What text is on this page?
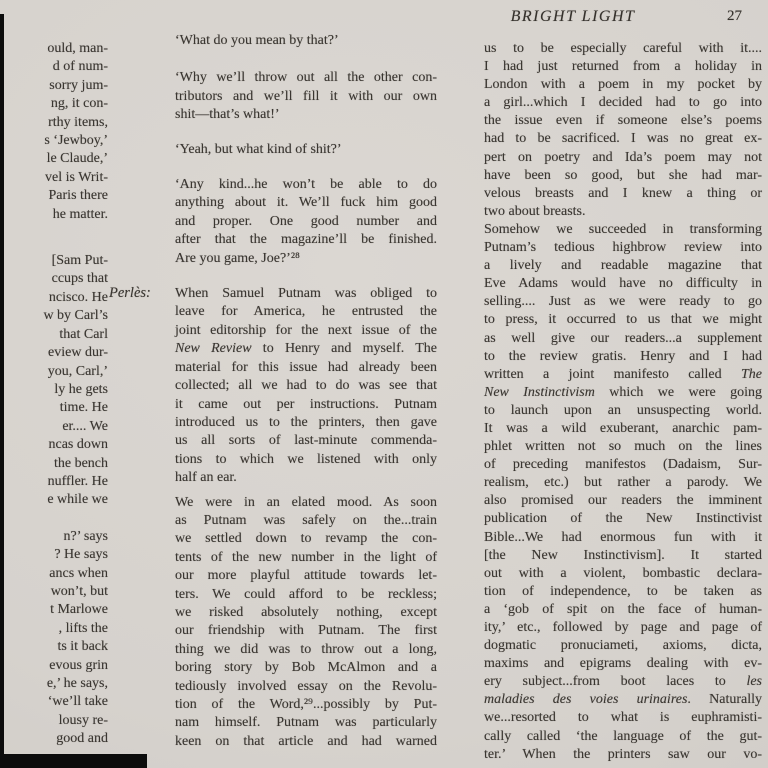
BRIGHT LIGHT	27
ould, man-
d of num-
sorry jum-
ng, it con-
rthy items,
s ‘Jewboy,’
le Claude,’
vel is Writ-
Paris there
he matter.
[Sam Put-
ccups that
ncisco. He
w by Carl’s
that Carl
eview dur-
you, Carl,’
ly he gets
time. He
er.... We
ncas down
the bench
nuffler. He
e while we
n?’ says
? He says
ancs when
won’t, but
t Marlowe
, lifts the
ts it back
evous grin
e,’ he says,
‘we’ll take
lousy re-
good and
Perlès:
‘What do you mean by that?’
‘Why we’ll throw out all the other con-
tributors and we’ll fill it with our own
shit—that’s what!’
‘Yeah, but what kind of shit?’
‘Any kind...he won’t be able to do
anything about it. We’ll fuck him good
and proper. One good number and
after that the magazine’ll be finished.
Are you game, Joe?’²⁸
When Samuel Putnam was obliged to
leave for America, he entrusted the
joint editorship for the next issue of the
New Review to Henry and myself. The
material for this issue had already been
collected; all we had to do was see that
it came out per instructions. Putnam
introduced us to the printers, then gave
us all sorts of last-minute commenda-
tions to which we listened with only
half an ear.
We were in an elated mood. As soon
as Putnam was safely on the...train
we settled down to revamp the con-
tents of the new number in the light of
our more playful attitude towards let-
ters. We could afford to be reckless;
we risked absolutely nothing, except
our friendship with Putnam. The first
thing we did was to throw out a long,
boring story by Bob McAlmon and a
tediously involved essay on the Revolu-
tion of the Word,²⁹...possibly by Put-
nam himself. Putnam was particularly
keen on that article and had warned
us to be especially careful with it....
I had just returned from a holiday in
London with a poem in my pocket by
a girl...which I decided had to go into
the issue even if someone else’s poems
had to be sacrificed. I was no great ex-
pert on poetry and Ida’s poem may not
have been so good, but she had mar-
velous breasts and I knew a thing or
two about breasts.
Somehow we succeeded in transforming
Putnam’s tedious highbrow review into
a lively and readable magazine that
Eve Adams would have no difficulty in
selling.... Just as we were ready to go
to press, it occurred to us that we might
as well give our readers...a supplement
to the review gratis. Henry and I had
written a joint manifesto called The
New Instinctivism which we were going
to launch upon an unsuspecting world.
It was a wild exuberant, anarchic pam-
phlet written not so much on the lines
of preceding manifestos (Dadaism, Sur-
realism, etc.) but rather a parody. We
also promised our readers the imminent
publication of the New Instinctivist
Bible...We had enormous fun with it
[the New Instinctivism]. It started
out with a violent, bombastic declara-
tion of independence, to be taken as
a ‘gob of spit on the face of human-
ity,’ etc., followed by page and page of
dogmatic pronuciameti, axioms, dicta,
maxims and epigrams dealing with ev-
ery subject...from boot laces to les
maladies des voies urinaires. Naturally
we...resorted to what is euphramisti-
cally called ‘the language of the gut-
ter.’ When the printers saw our vo-
